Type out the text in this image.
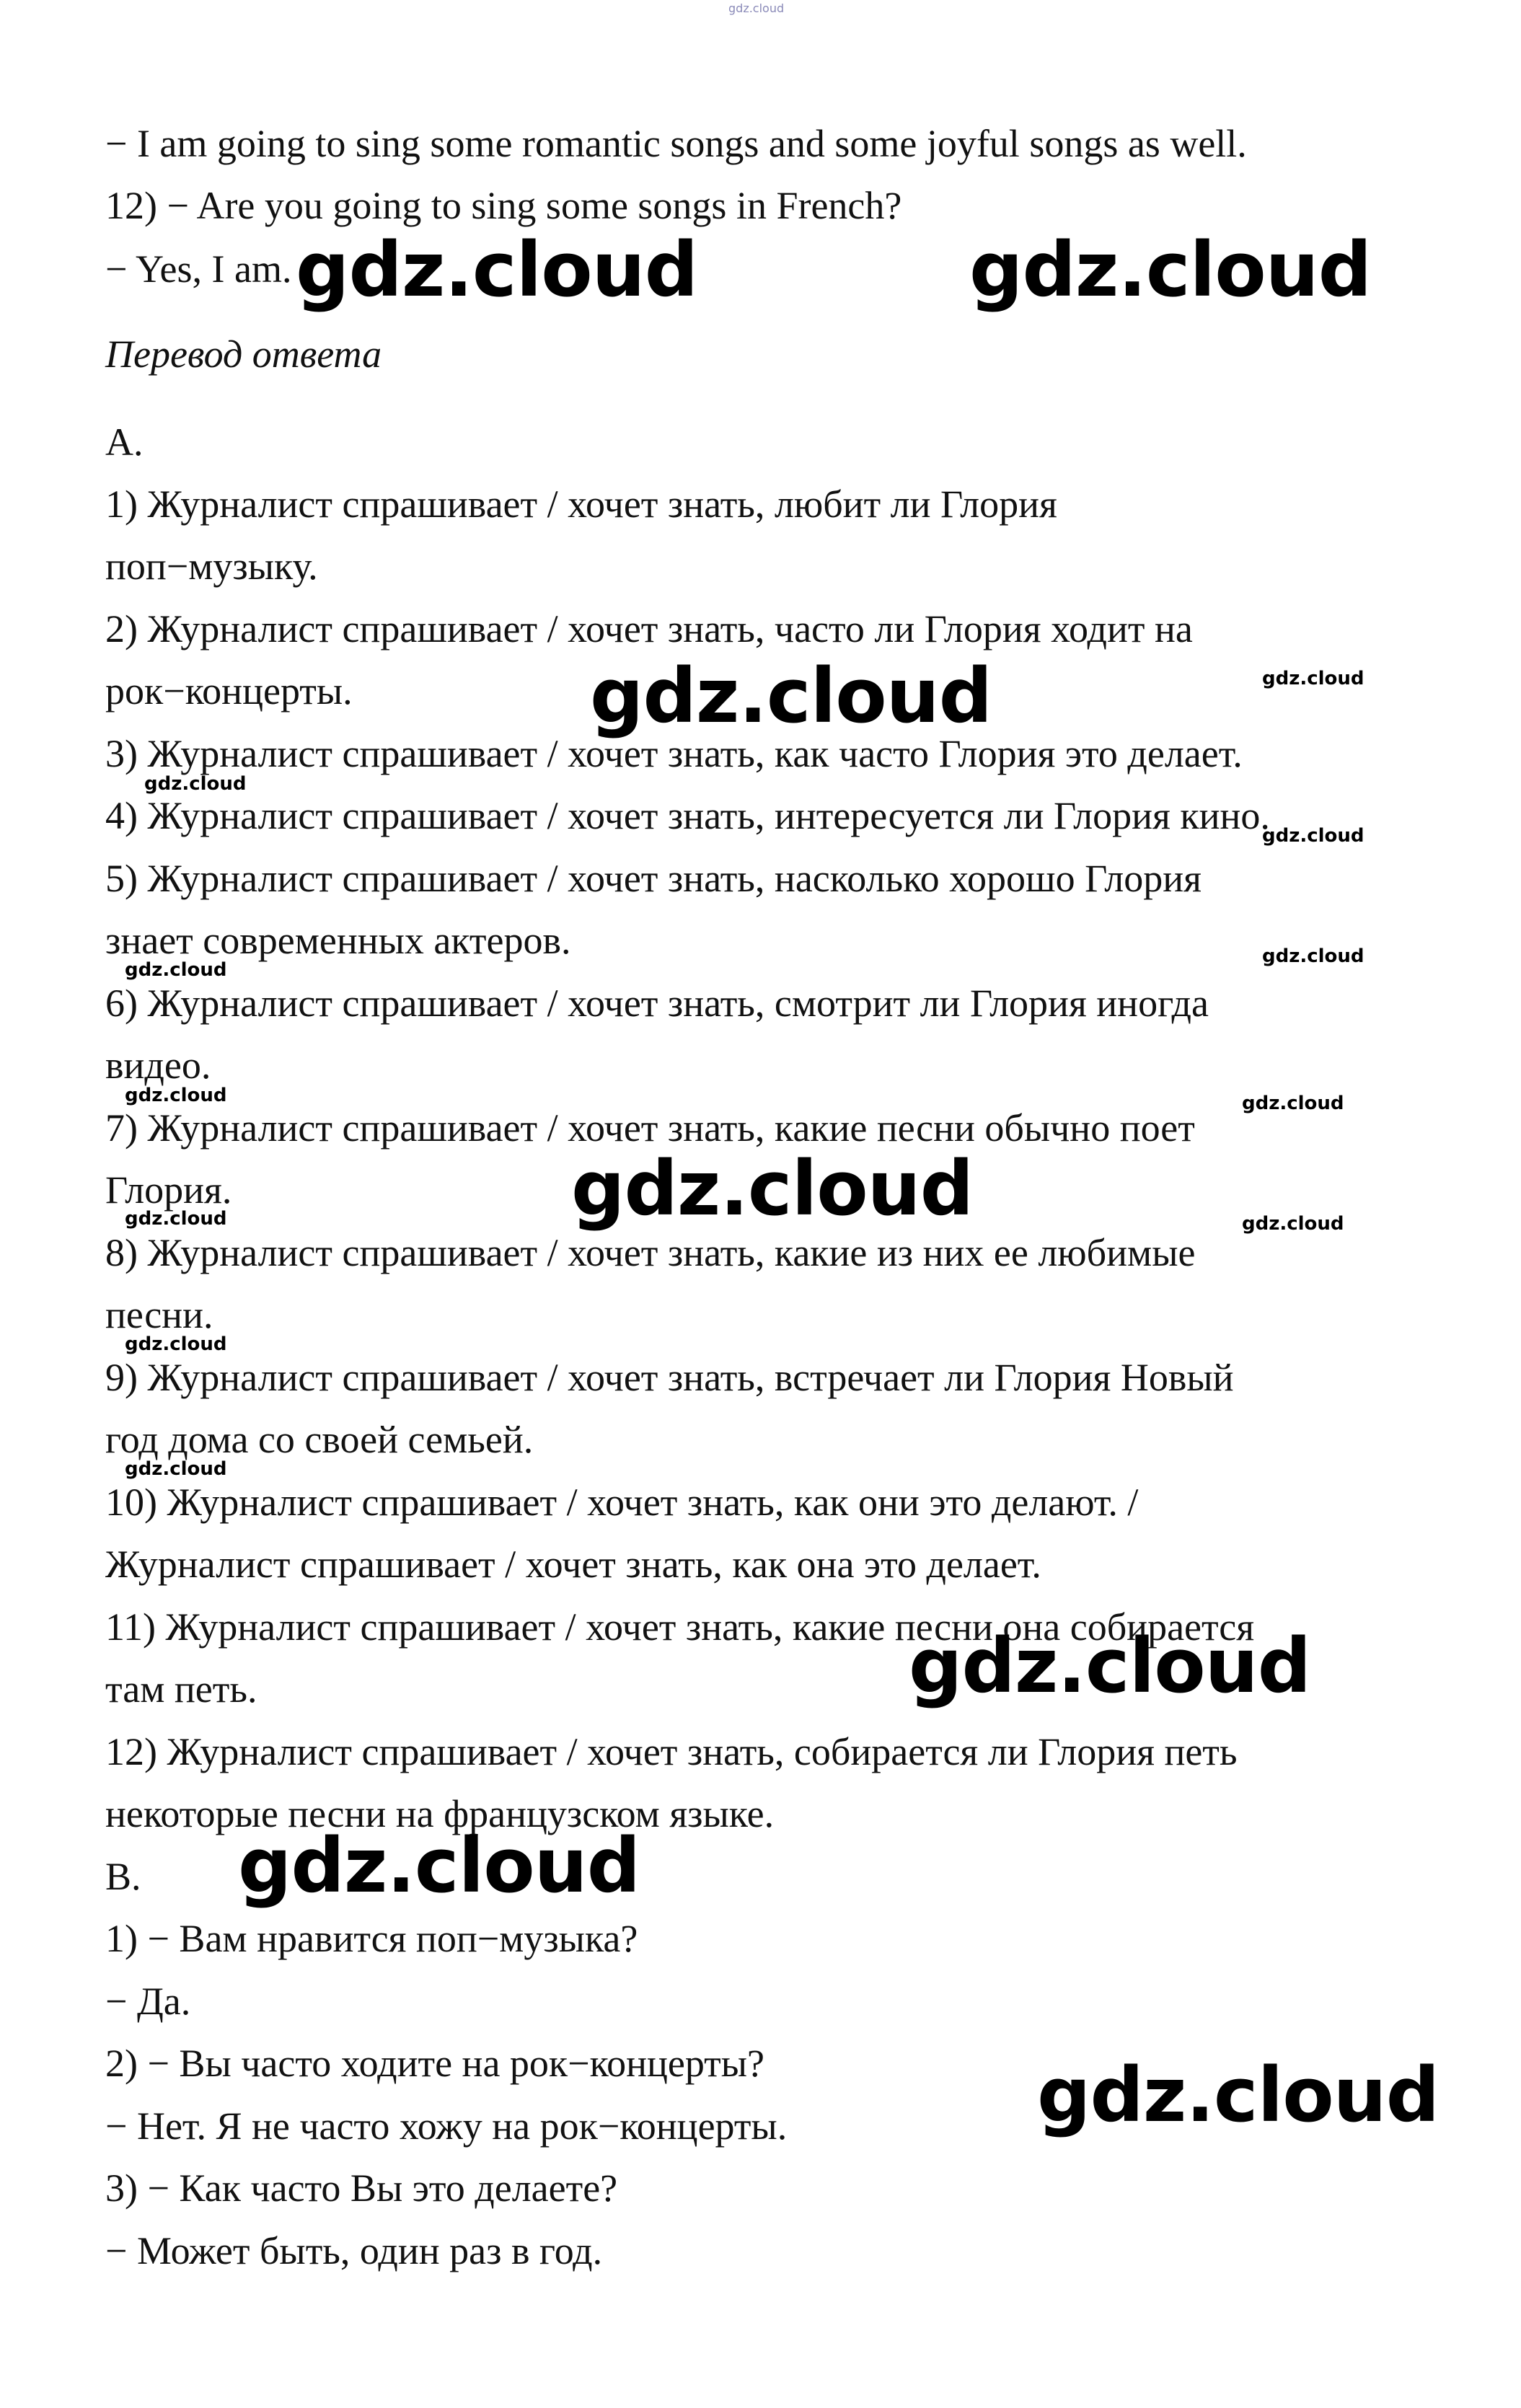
gdz.cloud
− I am going to sing some romantic songs and some joyful songs as well.
12) − Are you going to sing some songs in French?
− Yes, I am.
Перевод ответа
A.
1) Журналист спрашивает / хочет знать, любит ли Глория
поп−музыку.
2) Журналист спрашивает / хочет знать, часто ли Глория ходит на
рок−концерты.
3) Журналист спрашивает / хочет знать, как часто Глория это делает.
4) Журналист спрашивает / хочет знать, интересуется ли Глория кино.
5) Журналист спрашивает / хочет знать, насколько хорошо Глория
знает современных актеров.
6) Журналист спрашивает / хочет знать, смотрит ли Глория иногда
видео.
7) Журналист спрашивает / хочет знать, какие песни обычно поет
Глория.
8) Журналист спрашивает / хочет знать, какие из них ее любимые
песни.
9) Журналист спрашивает / хочет знать, встречает ли Глория Новый
год дома со своей семьей.
10) Журналист спрашивает / хочет знать, как они это делают. /
Журналист спрашивает / хочет знать, как она это делает.
11) Журналист спрашивает / хочет знать, какие песни она собирается
там петь.
12) Журналист спрашивает / хочет знать, собирается ли Глория петь
некоторые песни на французском языке.
B.
1) − Вам нравится поп−музыка?
− Да.
2) − Вы часто ходите на рок−концерты?
− Нет. Я не часто хожу на рок−концерты.
3) − Как часто Вы это делаете?
− Может быть, один раз в год.
gdz.cloud	gdz.cloud
gdz.cloud
gdz.cloud
gdz.cloud
gdz.cloud
gdz.cloud
gdz.cloud
gdz.cloud
gdz.cloud
gdz.cloud
gdz.cloud
gdz.cloud	gdz.cloud
gdz.cloud	gdz.cloud
gdz.cloud
gdz.cloud
